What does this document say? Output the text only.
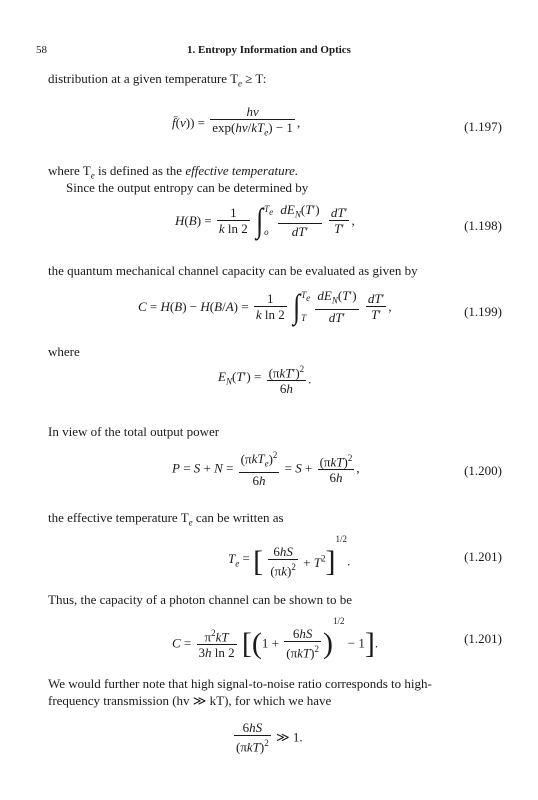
58	1. Entropy Information and Optics
distribution at a given temperature $T_e \ge T$:
f̄(v)) = $\frac{hv}{\exp(hv/kT_e) - 1}$ ,	(1.197)
where $T_e$ is defined as the effective temperature.
Since the output entropy can be determined by
$H(B) = \frac{1}{\text{k ln 2}}$ ∫ $T_e$

o
$\frac{dE_N(T')}{dT'}$
$\frac{dT'}{T'}$ ,	(1.198)
the quantum mechanical channel capacity can be evaluated as given by
$C = H(B) - H(B/A) = \frac{1}{\text{k ln 2}}$ ∫ $T_e$

T
$\frac{dE_N(T')}{dT'}$
$\frac{dT'}{T'}$ ,	(1.199)
where
$E_N(T') = \frac{(\pi kT')^2}{6h}$ .
In view of the total output power
$P = S + N = \frac{(\pi kT_e)^2}{6h} = S + \frac{(\pi kT)^2}{6h}$ ,	(1.200)
the effective temperature $T_e$ can be written as
$T_e$ = [ $\frac{6hS}{(\pi k)^2} + T^2]^{1/2}$.	(1.201)
Thus, the capacity of a photon channel can be shown to be
$C = \frac{\pi^2kT}{\text{3h ln 2}} [(1 + \frac{6hS}{(\pi kT)^2} )^{1/2} - 1]$.	(1.201)
We would further note that high signal-to-noise ratio corresponds to high-
frequency transmission (hv ≫ kT), for which we have
$\frac{6hS}{(\pi kT)^2}$ ≫ 1.
